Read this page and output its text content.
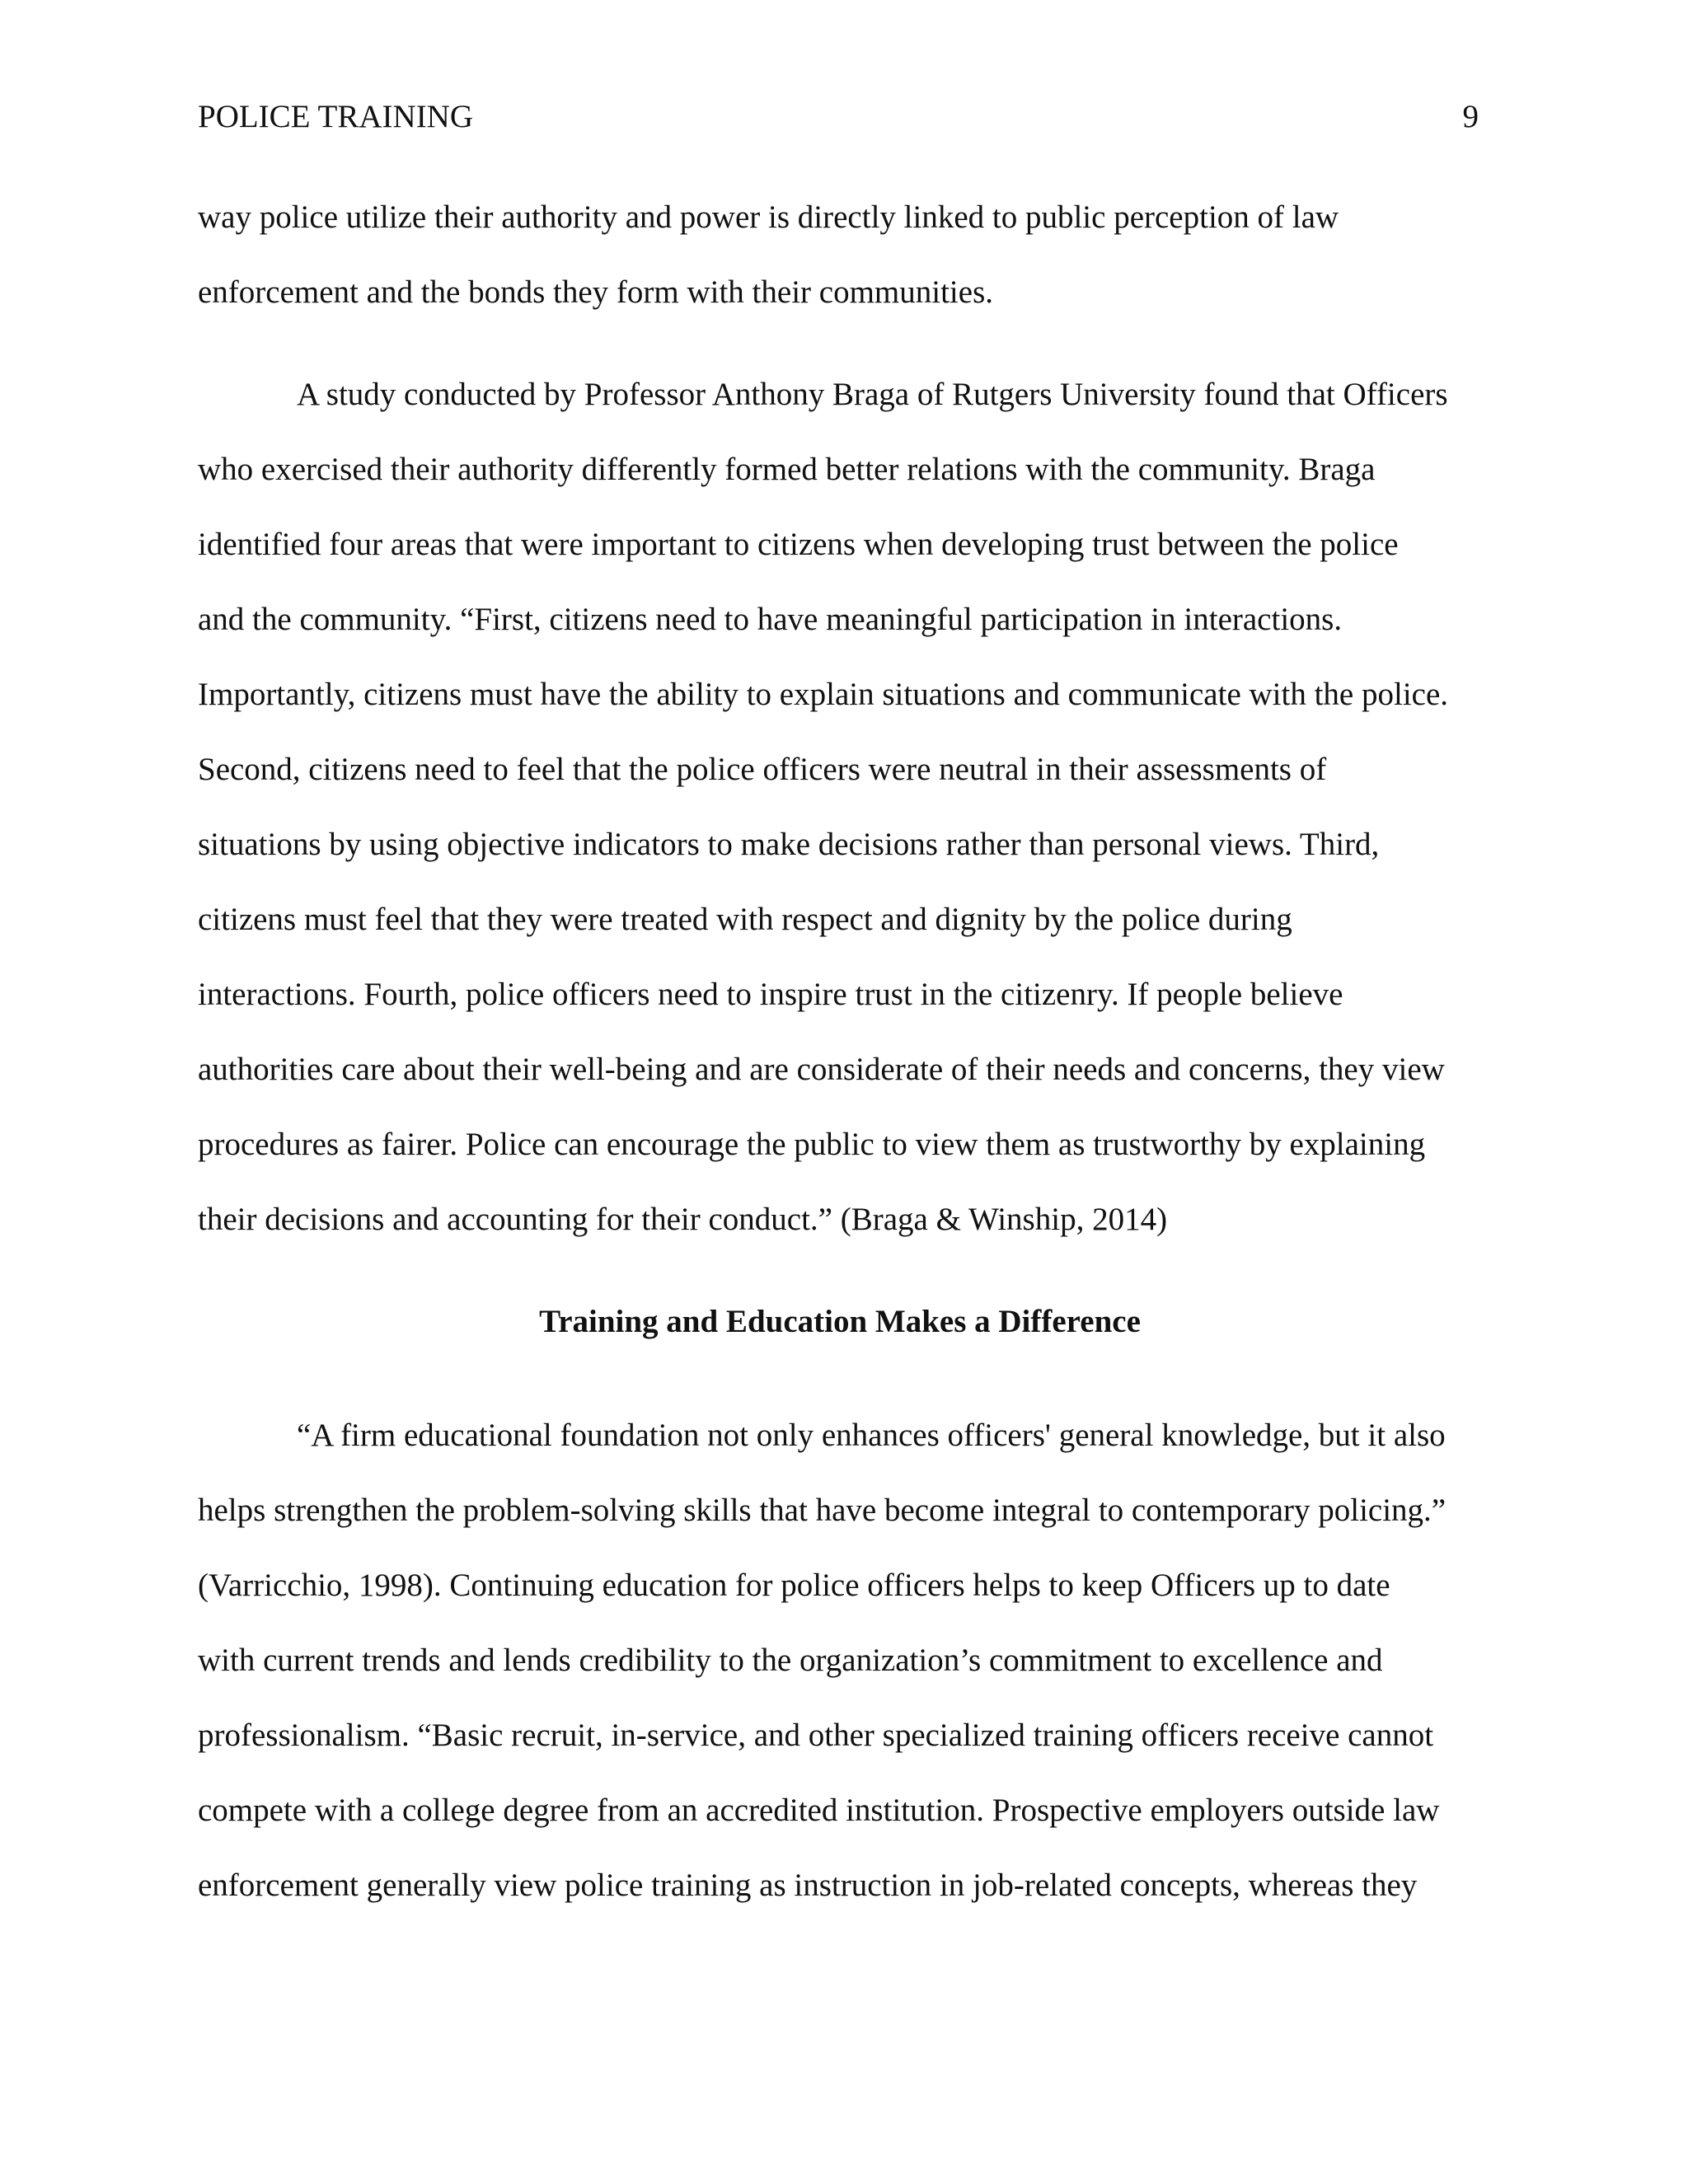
POLICE TRAINING	9
way police utilize their authority and power is directly linked to public perception of law
enforcement and the bonds they form with their communities.
A study conducted by Professor Anthony Braga of Rutgers University found that Officers
who exercised their authority differently formed better relations with the community. Braga
identified four areas that were important to citizens when developing trust between the police
and the community. “First, citizens need to have meaningful participation in interactions.
Importantly, citizens must have the ability to explain situations and communicate with the police.
Second, citizens need to feel that the police officers were neutral in their assessments of
situations by using objective indicators to make decisions rather than personal views. Third,
citizens must feel that they were treated with respect and dignity by the police during
interactions. Fourth, police officers need to inspire trust in the citizenry. If people believe
authorities care about their well-being and are considerate of their needs and concerns, they view
procedures as fairer. Police can encourage the public to view them as trustworthy by explaining
their decisions and accounting for their conduct.” (Braga & Winship, 2014)
Training and Education Makes a Difference
“A firm educational foundation not only enhances officers' general knowledge, but it also
helps strengthen the problem-solving skills that have become integral to contemporary policing.”
(Varricchio, 1998). Continuing education for police officers helps to keep Officers up to date
with current trends and lends credibility to the organization’s commitment to excellence and
professionalism. “Basic recruit, in-service, and other specialized training officers receive cannot
compete with a college degree from an accredited institution. Prospective employers outside law
enforcement generally view police training as instruction in job-related concepts, whereas they
